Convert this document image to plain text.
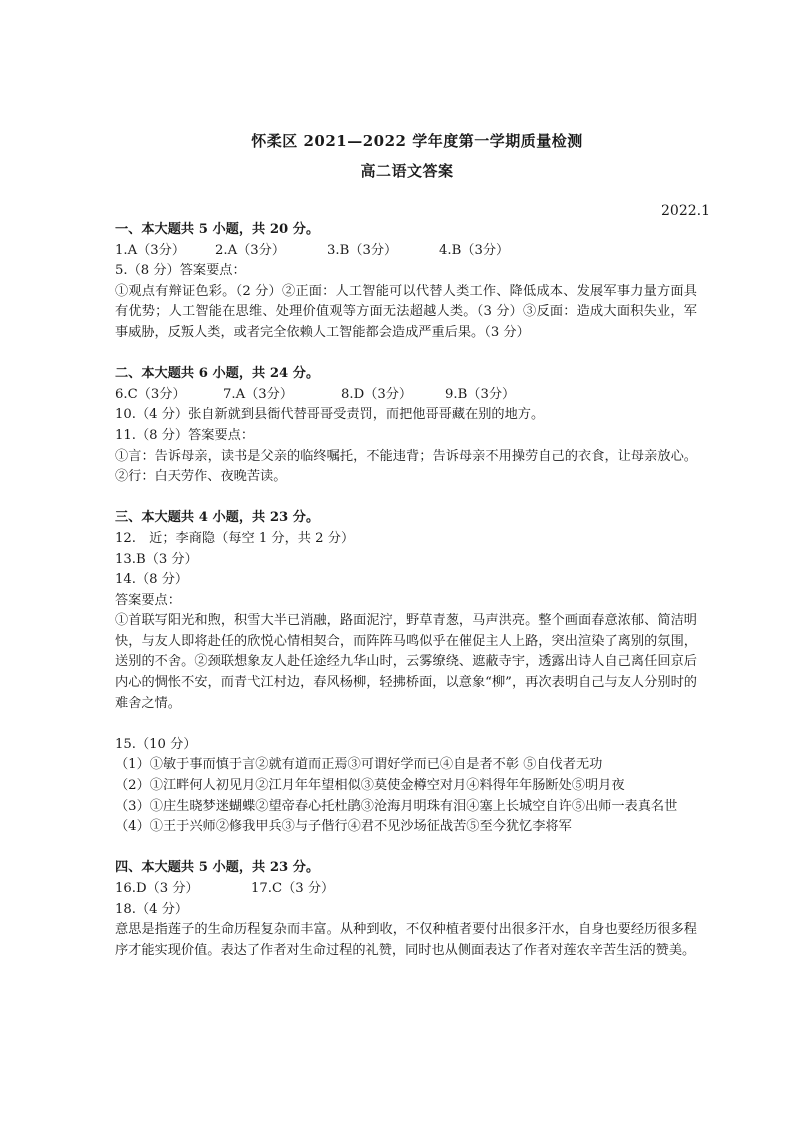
怀柔区 2021—2022 学年度第一学期质量检测
高二语文答案
2022.1

一、本大题共 5 小题，共 20 分。

1.A（3分） 2.A（3分）	3.B（3分）	4.B（3分）

5.（8 分）答案要点：

①观点有辩证色彩。（2 分）②正面：人工智能可以代替人类工作、降低成本、发展军事力量方面具有优势；人工智能在思维、处理价值观等方面无法超越人类。（3 分）③反面：造成大面积失业，军事威胁，反叛人类，或者完全依赖人工智能都会造成严重后果。（3 分）

二、本大题共 6 小题，共 24 分。

6.C（3分）	7.A（3分）	8.D（3分） 9.B（3分）

10.（4 分）张自新就到县衙代替哥哥受责罚，而把他哥哥藏在别的地方。

11.（8 分）答案要点：

①言：告诉母亲，读书是父亲的临终嘱托，不能违背；告诉母亲不用操劳自己的衣食，让母亲放心。②行：白天劳作、夜晚苦读。

三、本大题共 4 小题，共 23 分。

12.　近；李商隐（每空 1 分，共 2 分）

13.B（3 分）

14.（8 分）

答案要点：

①首联写阳光和煦，积雪大半已消融，路面泥泞，野草青葱，马声洪亮。整个画面春意浓郁、简洁明快，与友人即将赴任的欣悦心情相契合，而阵阵马鸣似乎在催促主人上路，突出渲染了离别的氛围，送别的不舍。②颈联想象友人赴任途经九华山时，云雾缭绕、遮蔽寺宇，透露出诗人自己离任回京后内心的惆怅不安，而青弋江村边，春风杨柳，轻拂桥面，以意象“柳”，再次表明自己与友人分别时的难舍之情。

15.（10 分）

（1）①敏于事而慎于言②就有道而正焉③可谓好学而已④自是者不彰 ⑤自伐者无功

（2）①江畔何人初见月②江月年年望相似③莫使金樽空对月④料得年年肠断处⑤明月夜

（3）①庄生晓梦迷蝴蝶②望帝春心托杜鹃③沧海月明珠有泪④塞上长城空自许⑤出师一表真名世

（4）①王于兴师②修我甲兵③与子偕行④君不见沙场征战苦⑤至今犹忆李将军

四、本大题共 5 小题，共 23 分。

16.D（3 分）	17.C（3 分）

18.（4 分）

意思是指莲子的生命历程复杂而丰富。从种到收，不仅种植者要付出很多汗水，自身也要经历很多程序才能实现价值。表达了作者对生命过程的礼赞，同时也从侧面表达了作者对莲农辛苦生活的赞美。
